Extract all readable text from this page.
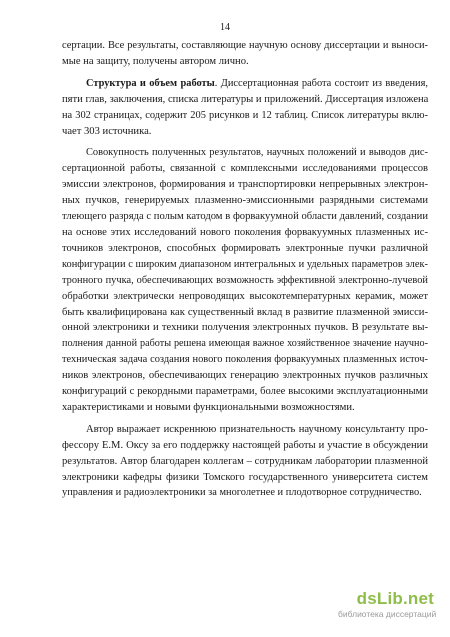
14

сертации. Все результаты, составляющие научную основу диссертации и выноси-
мые на защиту, получены автором лично.

Структура и объем работы. Диссертационная работа состоит из введения,
пяти глав, заключения, списка литературы и приложений. Диссертация изложена
на 302 страницах, содержит 205 рисунков и 12 таблиц. Список литературы вклю-
чает 303 источника.

Совокупность полученных результатов, научных положений и выводов дис-
сертационной работы, связанной с комплексными исследованиями процессов
эмиссии электронов, формирования и транспортировки непрерывных электрон-
ных пучков, генерируемых плазменно-эмиссионными разрядными системами
тлеющего разряда с полым катодом в форвакуумной области давлений, создании
на основе этих исследований нового поколения форвакуумных плазменных ис-
точников электронов, способных формировать электронные пучки различной
конфигурации с широким диапазоном интегральных и удельных параметров элек-
тронного пучка, обеспечивающих возможность эффективной электронно-лучевой
обработки электрически непроводящих высокотемпературных керамик, может
быть квалифицирована как существенный вклад в развитие плазменной эмисси-
онной электроники и техники получения электронных пучков. В результате вы-
полнения данной работы решена имеющая важное хозяйственное значение научно-
техническая задача создания нового поколения форвакуумных плазменных источ-
ников электронов, обеспечивающих генерацию электронных пучков различных
конфигураций с рекордными параметрами, более высокими эксплуатационными
характеристиками и новыми функциональными возможностями.

Автор выражает искреннюю признательность научному консультанту про-
фессору Е.М. Оксу за его поддержку настоящей работы и участие в обсуждении
результатов. Автор благодарен коллегам – сотрудникам лаборатории плазменной
электроники кафедры физики Томского государственного университета систем
управления и радиоэлектроники за многолетнее и плодотворное сотрудничество.

dsLib.net
библиотека диссертаций
